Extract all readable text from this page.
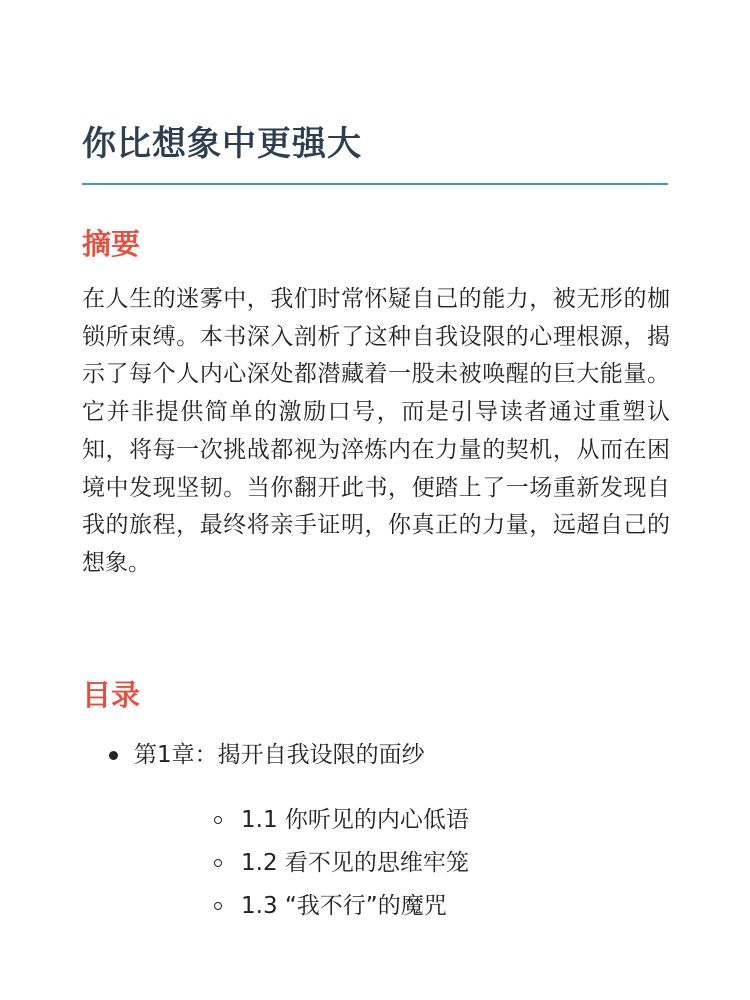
你比想象中更强大
摘要

在人生的迷雾中，我们时常怀疑自己的能力，被无形的枷锁所束缚。本书深入剖析了这种自我设限的心理根源，揭示了每个人内心深处都潜藏着一股未被唤醒的巨大能量。它并非提供简单的激励口号，而是引导读者通过重塑认知，将每一次挑战都视为淬炼内在力量的契机，从而在困境中发现坚韧。当你翻开此书，便踏上了一场重新发现自我的旅程，最终将亲手证明，你真正的力量，远超自己的想象。

目录
第1章：揭开自我设限的面纱
1.1 你听见的内心低语
1.2 看不见的思维牢笼
1.3 “我不行”的魔咒
